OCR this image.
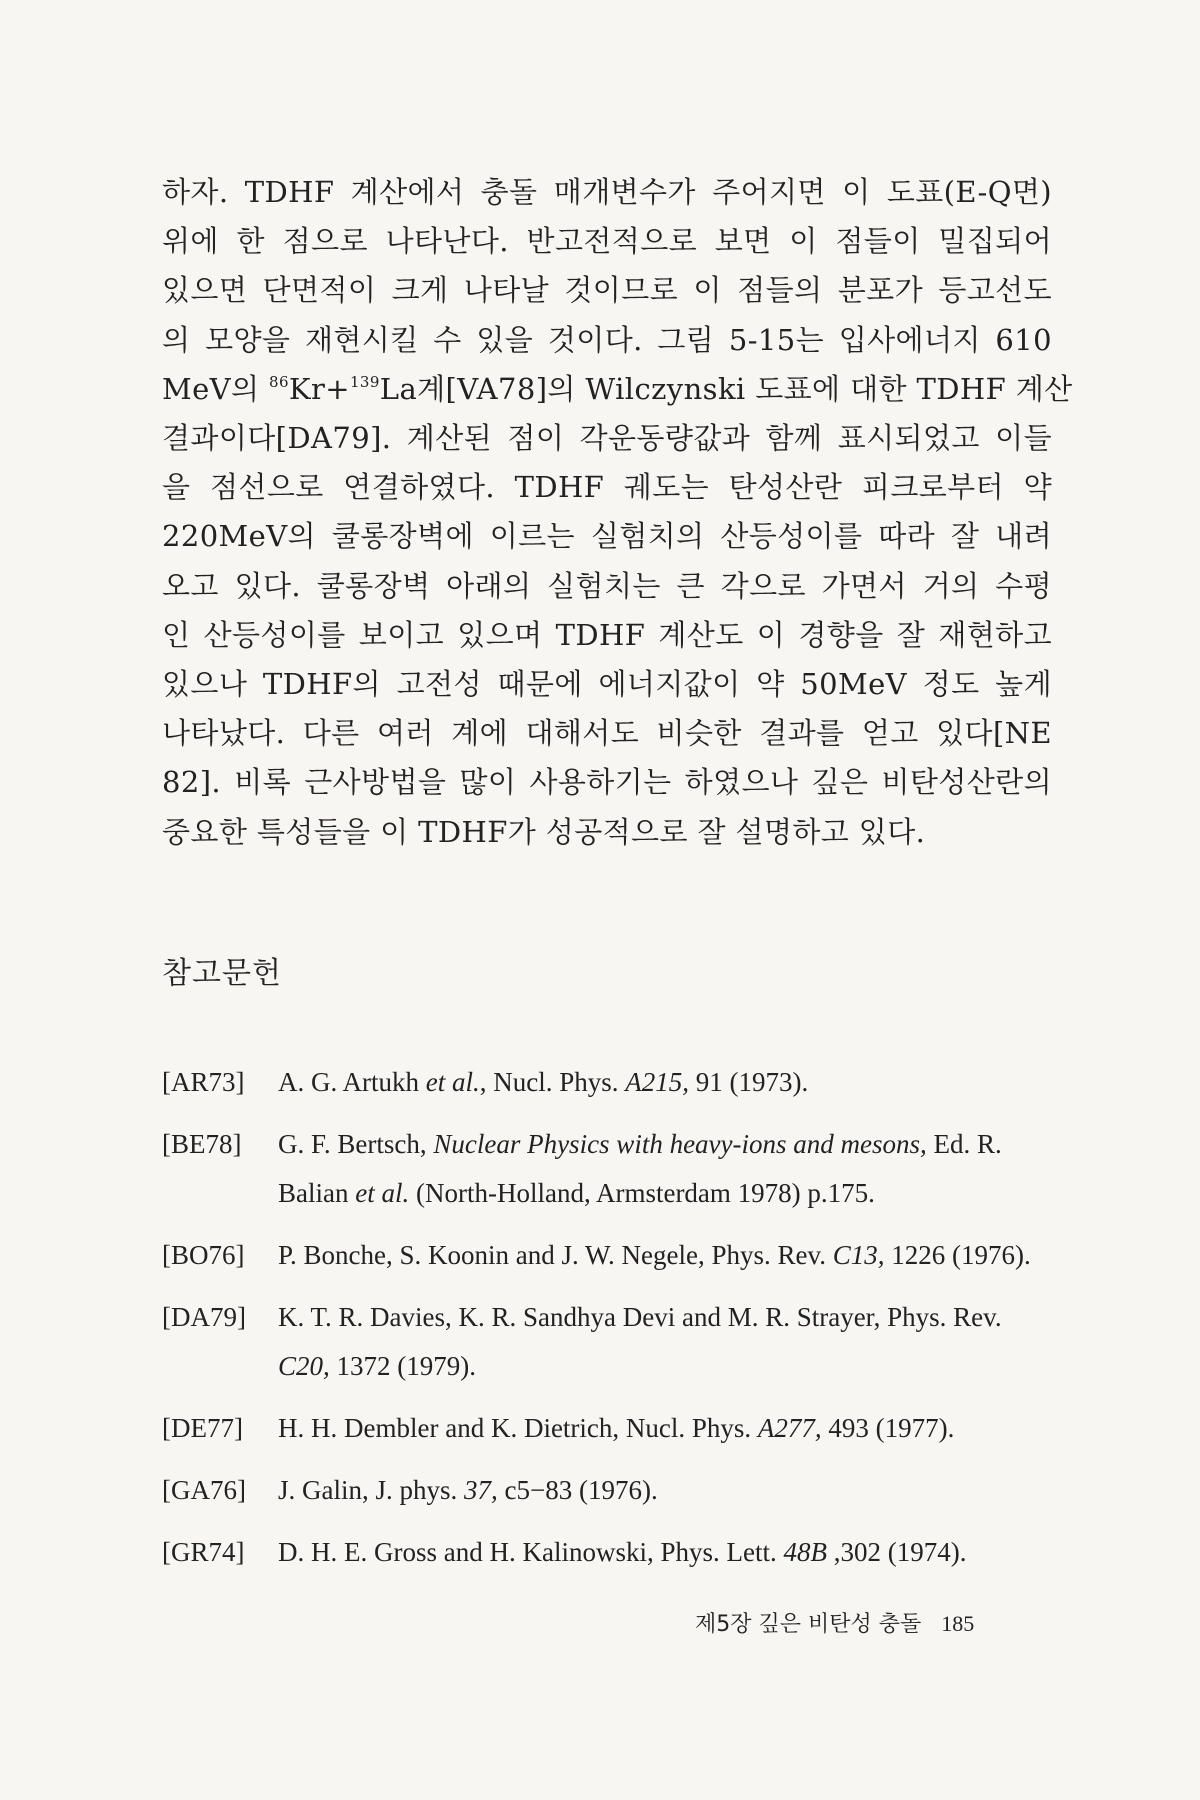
하자. TDHF 계산에서 충돌 매개변수가 주어지면 이 도표(E-Q면)
위에 한 점으로 나타난다. 반고전적으로 보면 이 점들이 밀집되어
있으면 단면적이 크게 나타날 것이므로 이 점들의 분포가 등고선도
의 모양을 재현시킬 수 있을 것이다. 그림 5-15는 입사에너지 610
MeV의 $^{86}$Kr+$^{139}$La계[VA78]의 Wilczynski 도표에 대한 TDHF 계산
결과이다[DA79]. 계산된 점이 각운동량값과 함께 표시되었고 이들
을 점선으로 연결하였다. TDHF 궤도는 탄성산란 피크로부터 약
220MeV의 쿨롱장벽에 이르는 실험치의 산등성이를 따라 잘 내려
오고 있다. 쿨롱장벽 아래의 실험치는 큰 각으로 가면서 거의 수평
인 산등성이를 보이고 있으며 TDHF 계산도 이 경향을 잘 재현하고
있으나 TDHF의 고전성 때문에 에너지값이 약 50MeV 정도 높게
나타났다. 다른 여러 계에 대해서도 비슷한 결과를 얻고 있다[NE
82]. 비록 근사방법을 많이 사용하기는 하였으나 깊은 비탄성산란의
중요한 특성들을 이 TDHF가 성공적으로 잘 설명하고 있다.
참고문헌
[AR73]	A. G. Artukh et al., Nucl. Phys. A215, 91 (1973).
[BE78]	G. F. Bertsch, Nuclear Physics with heavy-ions and mesons, Ed. R. Balian et al. (North-Holland, Armsterdam 1978) p.175.
[BO76]	P. Bonche, S. Koonin and J. W. Negele, Phys. Rev. C13, 1226 (1976).
[DA79]	K. T. R. Davies, K. R. Sandhya Devi and M. R. Strayer, Phys. Rev. C20, 1372 (1979).
[DE77]	H. H. Dembler and K. Dietrich, Nucl. Phys. A277, 493 (1977).
[GA76]	J. Galin, J. phys. 37, c5−83 (1976).
[GR74]	D. H. E. Gross and H. Kalinowski, Phys. Lett. 48B ,302 (1974).
제5장 깊은 비탄성 충돌 185
